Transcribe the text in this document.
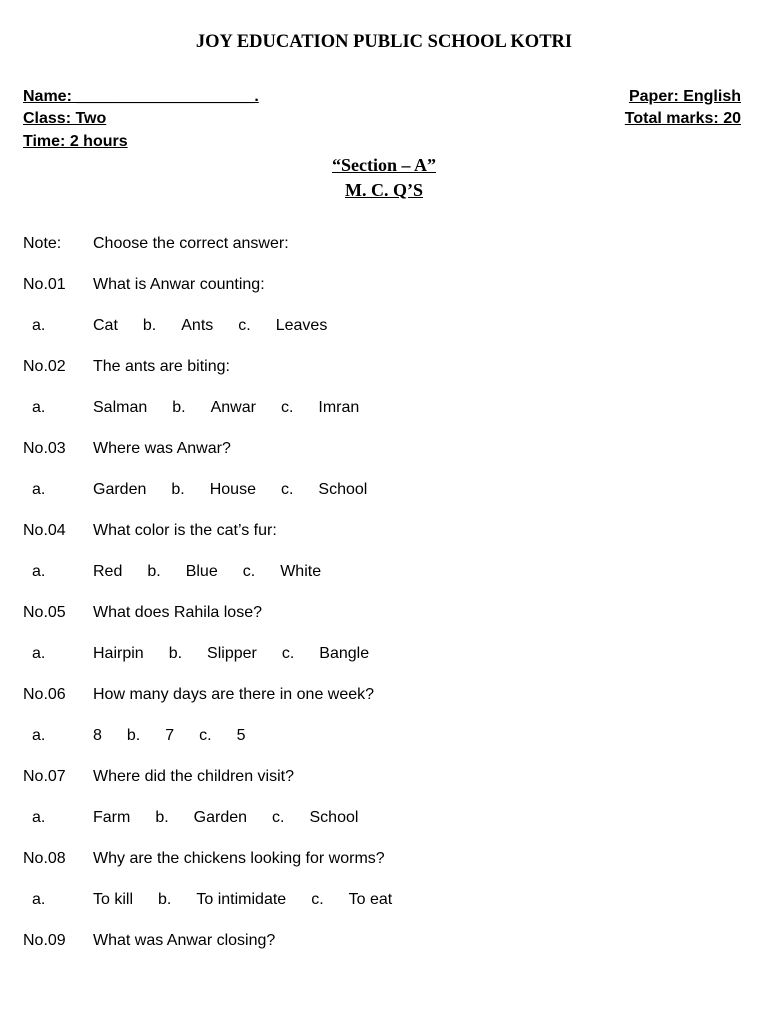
JOY EDUCATION PUBLIC SCHOOL KOTRI
Name: ____________________.	Paper: English
Class: Two	Total marks: 20
Time: 2 hours
“Section – A”
M. C. Q’S
Note: Choose the correct answer:
No.01 What is Anwar counting:
a.	Cat b. Ants c. Leaves
No.02 The ants are biting:
a.	Salman b. Anwar c. Imran
No.03 Where was Anwar?
a.	Garden b. House c. School
No.04 What color is the cat’s fur:
a.	Red b. Blue c. White
No.05 What does Rahila lose?
a.	Hairpin b. Slipper c. Bangle
No.06 How many days are there in one week?
a.	8 b. 7 c. 5
No.07 Where did the children visit?
a.	Farm b. Garden c. School
No.08 Why are the chickens looking for worms?
a.	To kill b. To intimidate c. To eat
No.09 What was Anwar closing?
